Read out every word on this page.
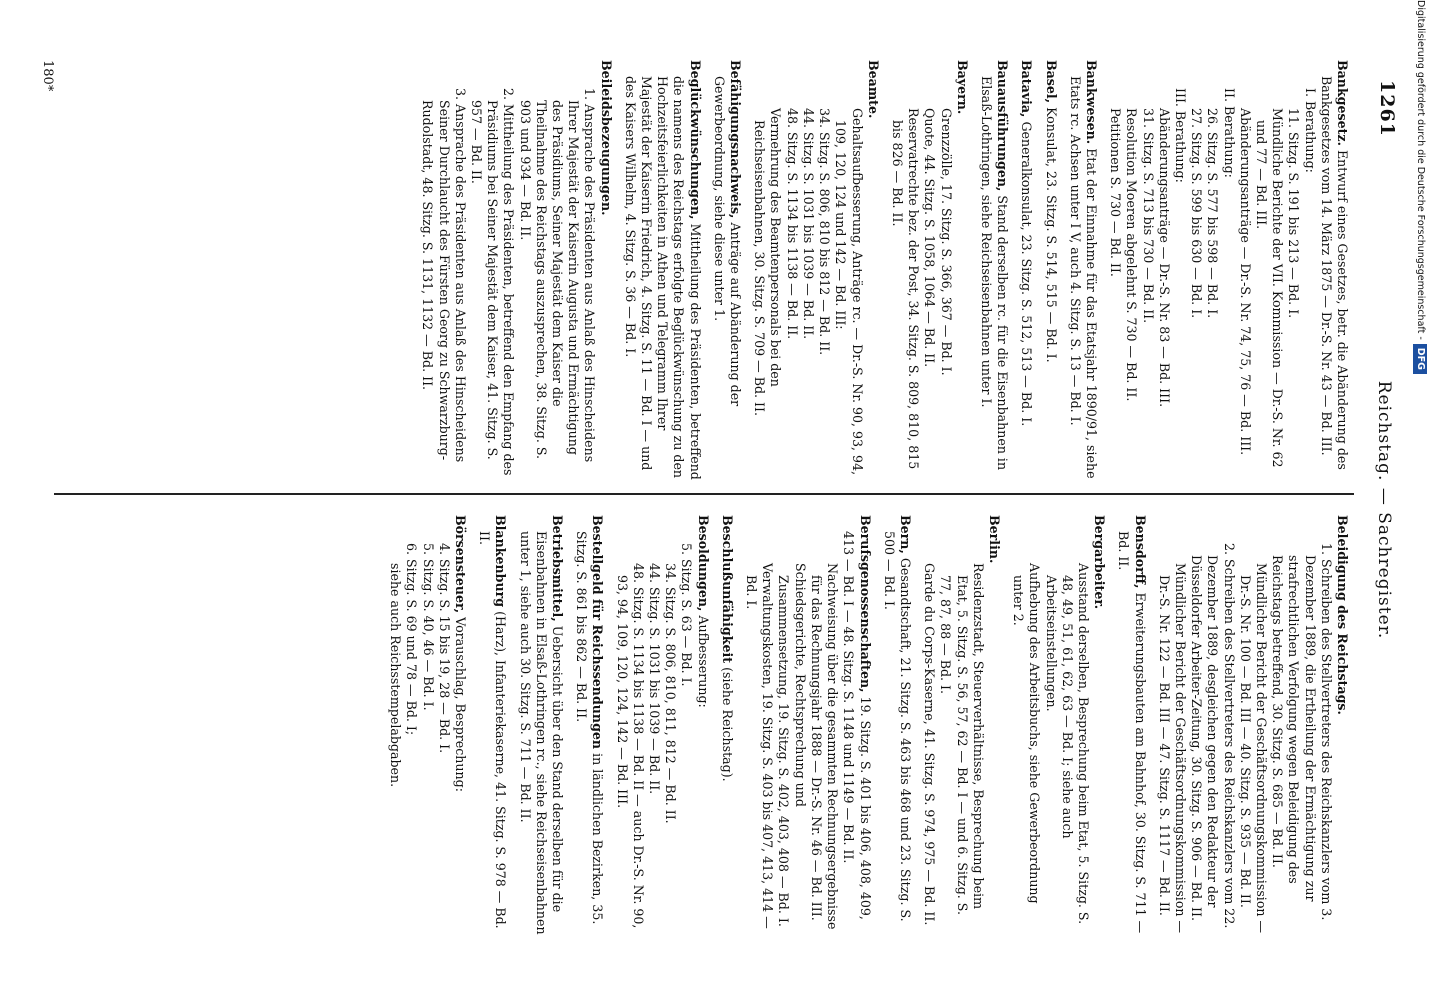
1261
Reichstag. — Sachregister.
Bankgesetz. Entwurf eines Gesetzes, betr. die Abänderung des Bankgesetzes vom 14. März 1875 — Dr.-S. Nr. 43 — Bd. III.

I. Berathung:

11. Sitzg. S. 191 bis 213 — Bd. I.

Mündliche Berichte der VII. Kommission — Dr.-S. Nr. 62 und 77 — Bd. III.

Abänderungsanträge — Dr.-S. Nr. 74, 75, 76 — Bd. III.

II. Berathung:

26. Sitzg. S. 577 bis 598 — Bd. I.

27. Sitzg. S. 599 bis 630 — Bd. I.

III. Berathung:

Abänderungsanträge — Dr.-S. Nr. 83 — Bd. III.

31. Sitzg. S. 713 bis 730 — Bd. II.

Resolution Moeren abgelehnt S. 730 — Bd. II.

Petitionen S. 730 — Bd. II.

Bankwesen. Etat der Einnahme für das Etatsjahr 1890/91, siehe Etats rc. Achsen unter I V, auch 4. Sitzg. S. 13 — Bd. I.
Basel, Konsulat, 23. Sitzg. S. 514, 515 — Bd. I.
Batavia, Generalkonsulat, 23. Sitzg. S. 512, 513 — Bd. I.
Bauausführungen, Stand derselben rc. für die Eisenbahnen in Elsaß-Lothringen, siehe Reichseisenbahnen unter I.
Bayern.

Grenzzölle, 17. Sitzg. S. 366, 367 — Bd. I.

Quote, 44. Sitzg. S. 1058, 1064 — Bd. II.

Reservatrechte bez. der Post, 34. Sitzg. S. 809, 810, 815 bis 826 — Bd. II.

Beamte.

Gehaltsaufbesserung, Anträge rc. — Dr.-S. Nr. 90, 93, 94, 109, 120, 124 und 142 — Bd. III:

34. Sitzg. S. 806, 810 bis 812 — Bd. II.

44. Sitzg. S. 1031 bis 1039 — Bd. II.

48. Sitzg. S. 1134 bis 1138 — Bd. II.

Vermehrung des Beamtenpersonals bei den Reichseisenbahnen, 30. Sitzg. S. 709 — Bd. II.

Befähigungsnachweis, Anträge auf Abänderung der Gewerbeordnung, siehe diese unter 1.
Beglückwünschungen, Mittheilung des Präsidenten, betreffend die namens des Reichstags erfolgte Beglückwünschung zu den Hochzeitsfeierlichkeiten in Athen und Telegramm Ihrer Majestät der Kaiserin Friedrich, 4. Sitzg. S. 11 — Bd. I — und des Kaisers Wilhelm, 4. Sitzg. S. 36 — Bd. I.
Beileidsbezeugungen.

1. Ansprache des Präsidenten aus Anlaß des Hinscheidens Ihrer Majestät der Kaiserin Augusta und Ermächtigung des Präsidiums, Seiner Majestät dem Kaiser die Theilnahme des Reichstags auszusprechen, 38. Sitzg. S. 903 und 934 — Bd. II.

2. Mittheilung des Präsidenten, betreffend den Empfang des Präsidiums bei Seiner Majestät dem Kaiser, 41. Sitzg. S. 957 — Bd. II.

3. Ansprache des Präsidenten aus Anlaß des Hinscheidens Seiner Durchlaucht des Fürsten Georg zu Schwarzburg-Rudolstadt, 48. Sitzg. S. 1131, 1132 — Bd. II.

Beleidigung des Reichstags.

1. Schreiben des Stellvertreters des Reichskanzlers vom 3. Dezember 1889, die Ertheilung der Ermächtigung zur strafrechtlichen Verfolgung wegen Beleidigung des Reichstags betreffend, 30. Sitzg. S. 685 — Bd. II.

Mündlicher Bericht der Geschäftsordnungskommission — Dr.-S. Nr. 100 — Bd. III — 40. Sitzg. S. 935 — Bd. II.

2. Schreiben des Stellvertreters des Reichskanzlers vom 22. Dezember 1889, desgleichen gegen den Redakteur der Düsseldorfer Arbeiter-Zeitung, 30. Sitzg. S. 906 — Bd. II.

Mündlicher Bericht der Geschäftsordnungskommission — Dr.-S. Nr. 122 — Bd. III — 47. Sitzg. S. 1117 — Bd. II.

Bensdorff, Erweiterungsbauten am Bahnhof, 30. Sitzg. S. 711 — Bd. II.
Bergarbeiter.

Ausstand derselben, Besprechung beim Etat, 5. Sitzg. S. 48, 49, 51, 61, 62, 63 — Bd. I; siehe auch Arbeitseinstellungen.

Aufhebung des Arbeitsbuchs, siehe Gewerbeordnung unter 2.

Berlin.

Residenzstadt, Steuerverhältnisse, Besprechung beim Etat, 5. Sitzg. S. 56, 57, 62 — Bd. I — und 6. Sitzg. S. 77, 87, 88 — Bd. I.

Garde du Corps-Kaserne, 41. Sitzg. S. 974, 975 — Bd. II.

Bern, Gesandtschaft, 21. Sitzg. S. 463 bis 468 und 23. Sitzg. S. 500 — Bd. I.
Berufsgenossenschaften, 19. Sitzg. S. 401 bis 406, 408, 409, 413 — Bd. I — 48. Sitzg. S. 1148 und 1149 — Bd. II.

Nachweisung über die gesammten Rechnungsergebnisse für das Rechnungsjahr 1888 — Dr.-S. Nr. 46 — Bd. III.

Schiedsgerichte, Rechtsprechung und Zusammensetzung, 19. Sitzg. S. 402, 403, 408 — Bd. I.

Verwaltungskosten, 19. Sitzg. S. 403 bis 407, 413, 414 — Bd. I.

Beschlußunfähigkeit (siehe Reichstag).
Besoldungen, Aufbesserung:

5. Sitzg. S. 63 — Bd. I.

34. Sitzg. S. 806, 810, 811, 812 — Bd. II.

44. Sitzg. S. 1031 bis 1039 — Bd. II.

48. Sitzg. S. 1134 bis 1138 — Bd. II — auch Dr.-S. Nr. 90, 93, 94, 109, 120, 124, 142 — Bd. III.

Bestellgeld für Reichssendungen in ländlichen Bezirken, 35. Sitzg. S. 861 bis 862 — Bd. II.
Betriebsmittel, Uebersicht über den Stand derselben für die Eisenbahnen in Elsaß-Lothringen rc., siehe Reichseisenbahnen unter 1, siehe auch 30. Sitzg. S. 711 — Bd. II.
Blankenburg (Harz), Infanteriekaserne, 41. Sitzg. S. 978 — Bd. II.
Börsensteuer, Vorauschlag, Besprechung:

4. Sitzg. S. 15 bis 19, 28 — Bd. I.

5. Sitzg. S. 40, 46 — Bd. I.

6. Sitzg. S. 69 und 78 — Bd. I;

siehe auch Reichsstempelabgaben.

180*	Digitalisierung gefördert durch die Deutsche Forschungsgemeinschaft -DFG
